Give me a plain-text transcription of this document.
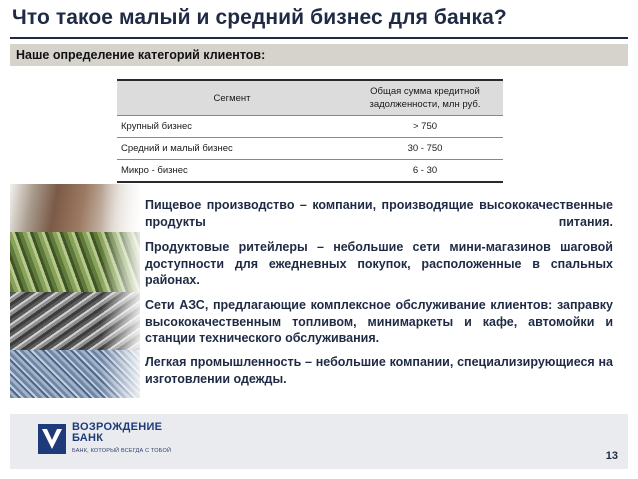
Что такое малый и средний бизнес для банка?
Наше определение категорий клиентов:
Сегмент	Общая сумма кредитной задолженности, млн руб.
Крупный бизнес	> 750
Средний и малый бизнес	30 - 750
Микро - бизнес	6 - 30
Пищевое производство – компании, производящие высококачественные продукты питания.
Продуктовые ритейлеры – небольшие сети мини-магазинов шаговой доступности для ежедневных покупок, расположенные в спальных районах.
Сети АЗС, предлагающие комплексное обслуживание клиентов: заправку высококачественным топливом, минимаркеты и кафе, автомойки и станции технического обслуживания.
Легкая промышленность – небольшие компании, специализирующиеся на изготовлении одежды.
ВОЗРОЖДЕНИЕ
БАНК
БАНК, КОТОРЫЙ ВСЕГДА С ТОБОЙ	13
